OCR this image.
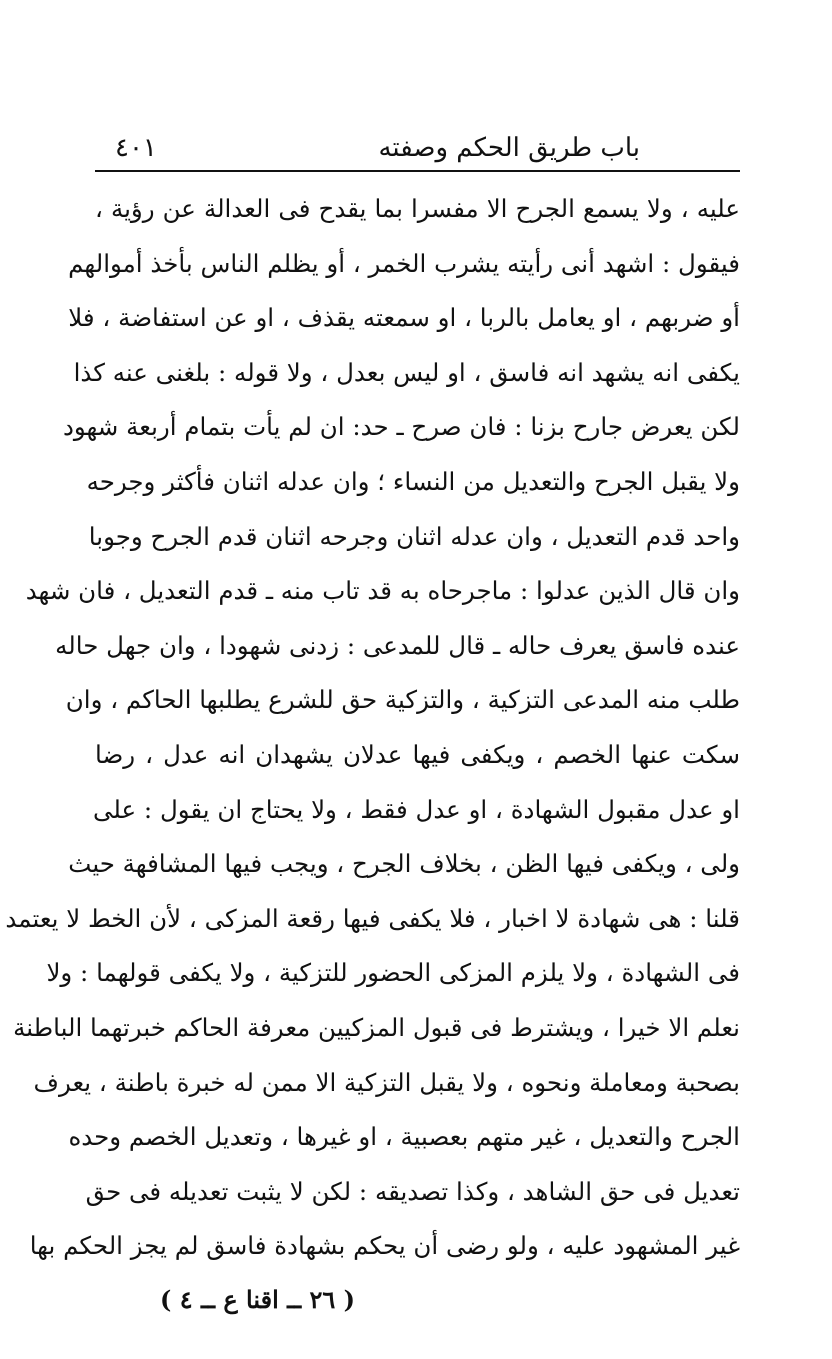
باب طريق الحكم وصفته
٤٠١
عليه ، ولا يسمع الجرح الا مفسرا بما يقدح فى العدالة عن رؤية ،
فيقول : اشهد أنى رأيته يشرب الخمر ، أو يظلم الناس بأخذ أموالهم
أو ضربهم ، او يعامل بالربا ، او سمعته يقذف ، او عن استفاضة ، فلا
يكفى انه يشهد انه فاسق ، او ليس بعدل ، ولا قوله : بلغنى عنه كذا
لكن يعرض جارح بزنا : فان صرح ـ حد: ان لم يأت بتمام أربعة شهود
ولا يقبل الجرح والتعديل من النساء ؛ وان عدله اثنان فأكثر وجرحه
واحد قدم التعديل ، وان عدله اثنان وجرحه اثنان قدم الجرح وجوبا
وان قال الذين عدلوا : ماجرحاه به قد تاب منه ـ قدم التعديل ، فان شهد
عنده فاسق يعرف حاله ـ قال للمدعى : زدنى شهودا ، وان جهل حاله
طلب منه المدعى التزكية ، والتزكية حق للشرع يطلبها الحاكم ، وان
سكت عنها الخصم ، ويكفى فيها عدلان يشهدان انه عدل ، رضا
او عدل مقبول الشهادة ، او عدل فقط ، ولا يحتاج ان يقول : على
ولى ، ويكفى فيها الظن ، بخلاف الجرح ، ويجب فيها المشافهة حيث
قلنا : هى شهادة لا اخبار ، فلا يكفى فيها رقعة المزكى ، لأن الخط لا يعتمد
فى الشهادة ، ولا يلزم المزكى الحضور للتزكية ، ولا يكفى قولهما : ولا
نعلم الا خيرا ، ويشترط فى قبول المزكيين معرفة الحاكم خبرتهما الباطنة
بصحبة ومعاملة ونحوه ، ولا يقبل التزكية الا ممن له خبرة باطنة ، يعرف
الجرح والتعديل ، غير متهم بعصبية ، او غيرها ، وتعديل الخصم وحده
تعديل فى حق الشاهد ، وكذا تصديقه : لكن لا يثبت تعديله فى حق
غير المشهود عليه ، ولو رضى أن يحكم بشهادة فاسق لم يجز الحكم بها
( ٢٦ ــ اقنا ع ــ ٤ )
